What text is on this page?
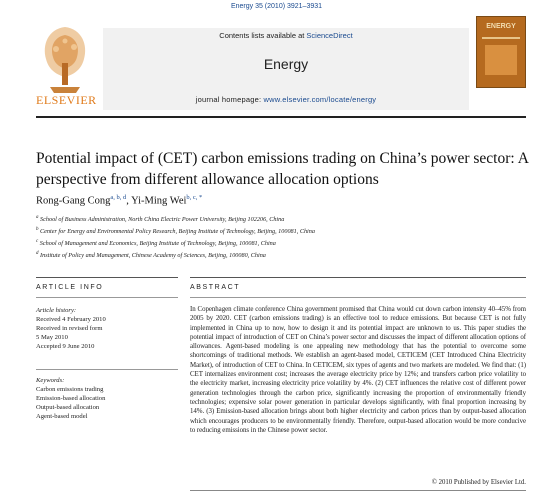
Energy 35 (2010) 3921–3931
ELSEVIER
Contents lists available at ScienceDirect
Energy
journal homepage: www.elsevier.com/locate/energy
ENERGY
Potential impact of (CET) carbon emissions trading on China’s power sector: A
perspective from different allowance allocation options
Rong-Gang Cong$^{a, b, d}$, Yi-Ming Wei$^{b, c, *}$
$^a$ School of Business Administration, North China Electric Power University, Beijing 102206, China
$^b$ Center for Energy and Environmental Policy Research, Beijing Institute of Technology, Beijing, 100081, China
$^c$ School of Management and Economics, Beijing Institute of Technology, Beijing, 100081, China
$^d$ Institute of Policy and Management, Chinese Academy of Sciences, Beijing, 100080, China
ARTICLE INFO	ABSTRACT
Article history:
Received 4 February 2010
Received in revised form
5 May 2010
Accepted 9 June 2010
Keywords:
Carbon emissions trading
Emission-based allocation
Output-based allocation
Agent-based model
In Copenhagen climate conference China government promised that China would cut down carbon intensity 40–45% from 2005 by 2020. CET (carbon emissions trading) is an effective tool to reduce emissions. But because CET is not fully implemented in China up to now, how to design it and its potential impact are unknown to us. This paper studies the potential impact of introduction of CET on China’s power sector and discusses the impact of different allocation options of allowances. Agent-based modeling is one appealing new methodology that has the potential to overcome some shortcomings of traditional methods. We establish an agent-based model, CETICEM (CET Introduced China Electricity Market), of introduction of CET to China. In CETICEM, six types of agents and two markets are modeled. We find that: (1) CET internalizes environment cost; increases the average electricity price by 12%; and transfers carbon price volatility to the electricity market, increasing electricity price volatility by 4%. (2) CET influences the relative cost of different power generation technologies through the carbon price, significantly increasing the proportion of environmentally friendly technologies; expensive solar power generation in particular develops significantly, with final proportion increasing by 14%. (3) Emission-based allocation brings about both higher electricity and carbon prices than by output-based allocation which encourages producers to be environmentally friendly. Therefore, output-based allocation would be more conducive to reducing emissions in the Chinese power sector.
© 2010 Published by Elsevier Ltd.
